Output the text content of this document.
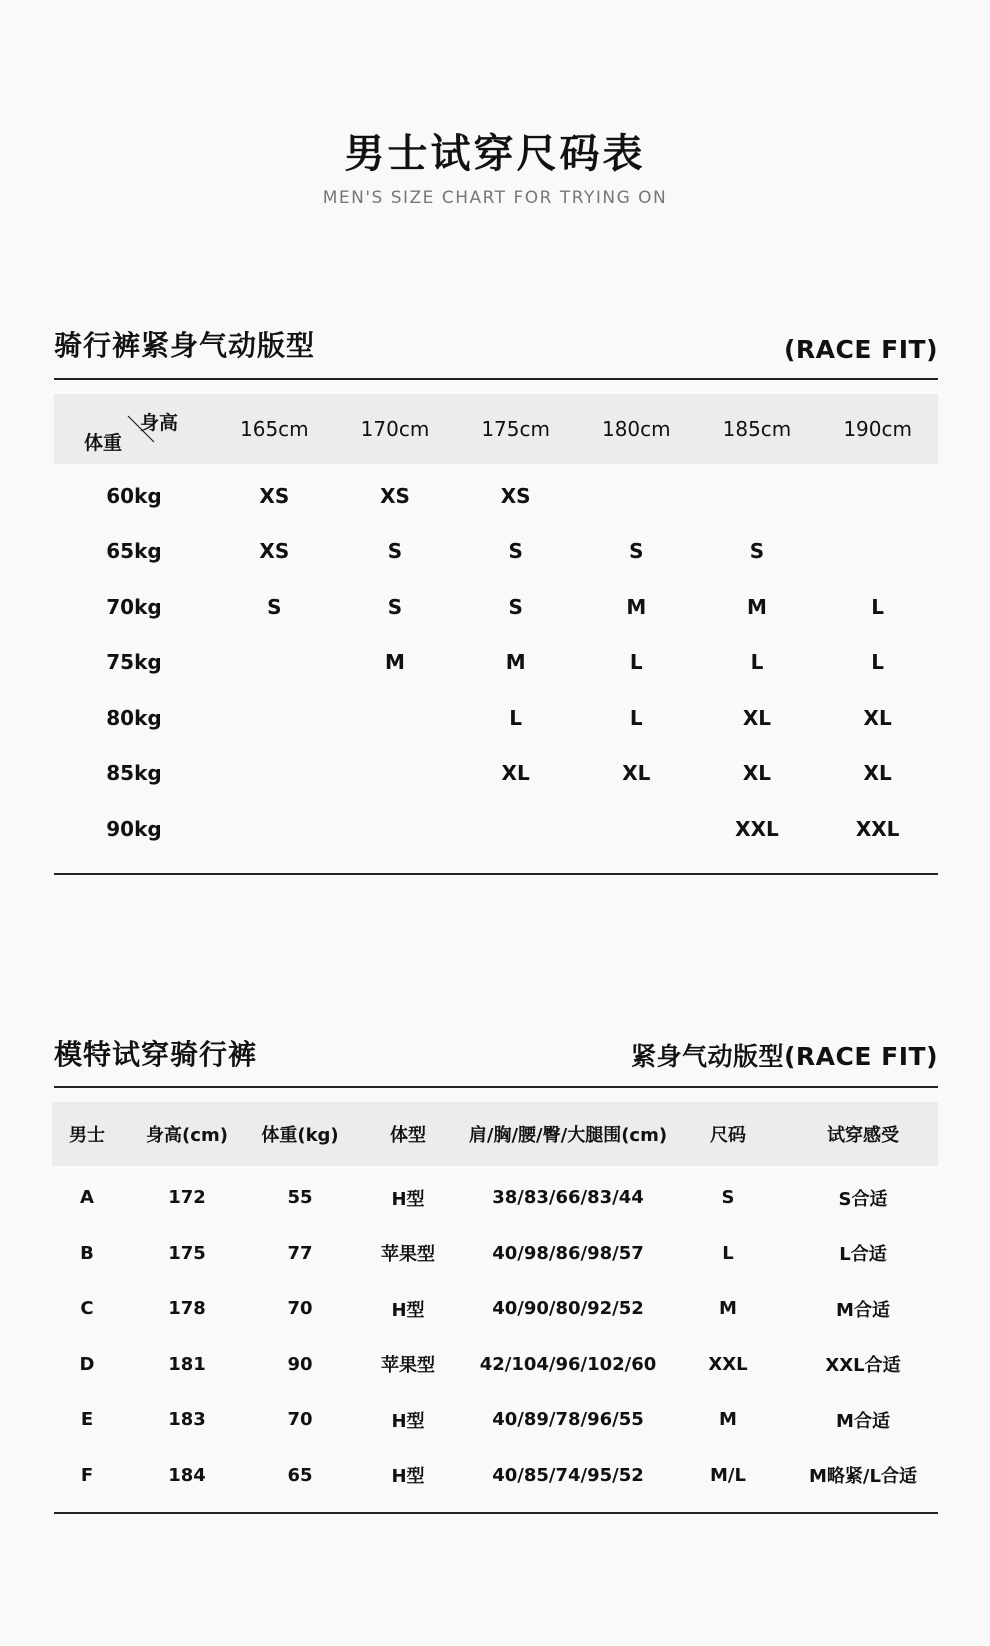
男士试穿尺码表
MEN'S SIZE CHART FOR TRYING ON
骑行裤紧身气动版型	(RACE FIT)
身高
体重	165cm	170cm	175cm	180cm	185cm	190cm

60kg	XS	XS	XS			
65kg	XS	S	S	S	S	
70kg	S	S	S	M	M	L
75kg		M	M	L	L	L
80kg			L	L	XL	XL
85kg			XL	XL	XL	XL
90kg					XXL	XXL
模特试穿骑行裤	紧身气动版型(RACE FIT)
男士	身高(cm)	体重(kg)	体型	肩/胸/腰/臀/大腿围(cm)	尺码	试穿感受

A	172	55	H型	38/83/66/83/44	S	S合适
B	175	77	苹果型	40/98/86/98/57	L	L合适
C	178	70	H型	40/90/80/92/52	M	M合适
D	181	90	苹果型	42/104/96/102/60	XXL	XXL合适
E	183	70	H型	40/89/78/96/55	M	M合适
F	184	65	H型	40/85/74/95/52	M/L	M略紧/L合适
